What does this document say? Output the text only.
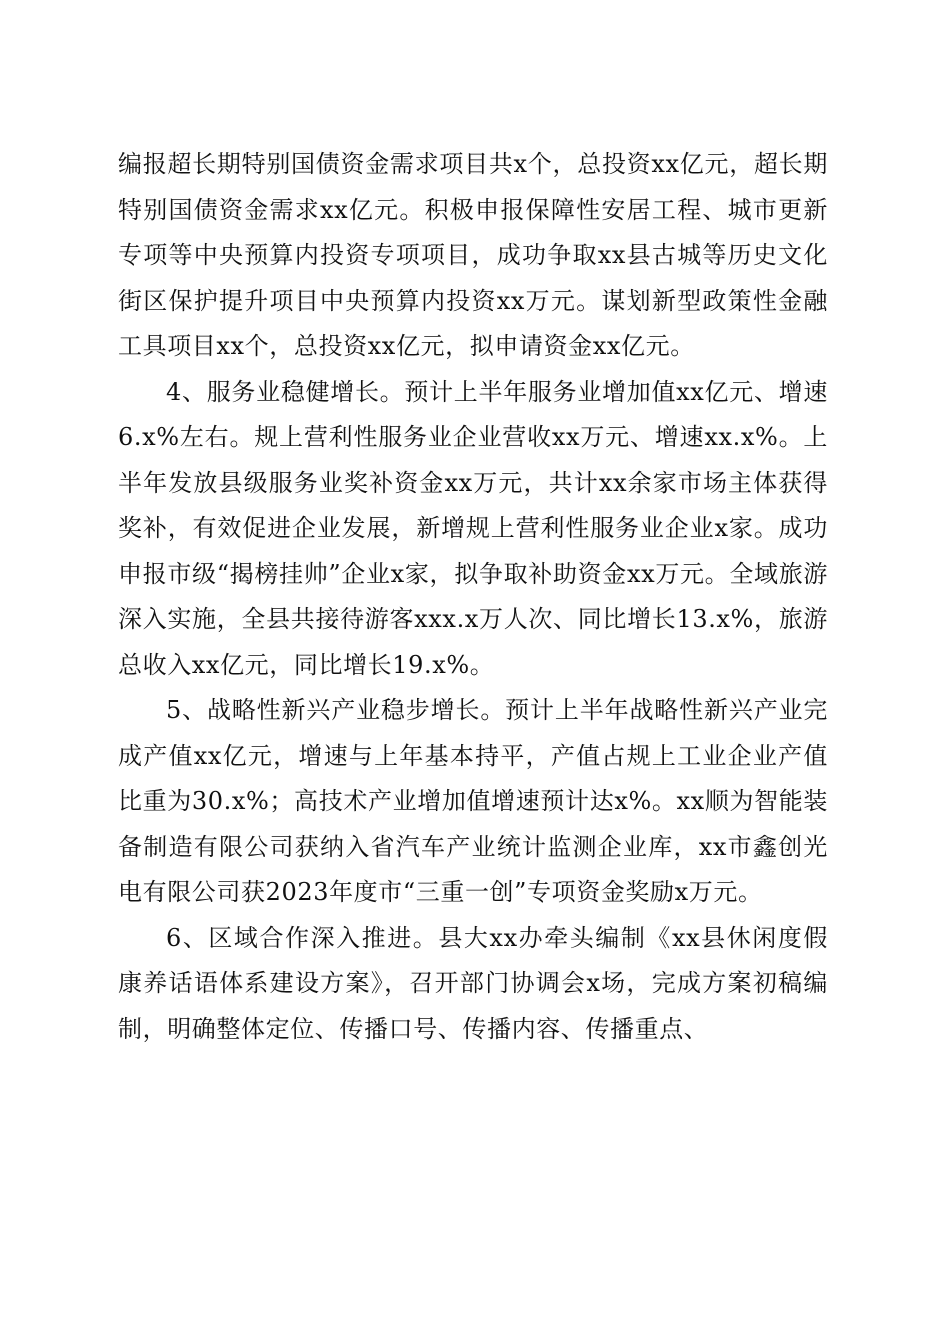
编报超长期特别国债资金需求项目共x个，总投资xx亿元，超长期特别国债资金需求xx亿元。积极申报保障性安居工程、城市更新专项等中央预算内投资专项项目，成功争取xx县古城等历史文化街区保护提升项目中央预算内投资xx万元。谋划新型政策性金融工具项目xx个，总投资xx亿元，拟申请资金xx亿元。

4、服务业稳健增长。预计上半年服务业增加值xx亿元、增速6.x%左右。规上营利性服务业企业营收xx万元、增速xx.x%。上半年发放县级服务业奖补资金xx万元，共计xx余家市场主体获得奖补，有效促进企业发展，新增规上营利性服务业企业x家。成功申报市级“揭榜挂帅”企业x家，拟争取补助资金xx万元。全域旅游深入实施，全县共接待游客xxx.x万人次、同比增长13.x%，旅游总收入xx亿元，同比增长19.x%。

5、战略性新兴产业稳步增长。预计上半年战略性新兴产业完成产值xx亿元，增速与上年基本持平，产值占规上工业企业产值比重为30.x%；高技术产业增加值增速预计达x%。xx顺为智能装备制造有限公司获纳入省汽车产业统计监测企业库，xx市鑫创光电有限公司获2023年度市“三重一创”专项资金奖励x万元。

6、区域合作深入推进。县大xx办牵头编制《xx县休闲度假康养话语体系建设方案》，召开部门协调会x场，完成方案初稿编制，明确整体定位、传播口号、传播内容、传播重点、
